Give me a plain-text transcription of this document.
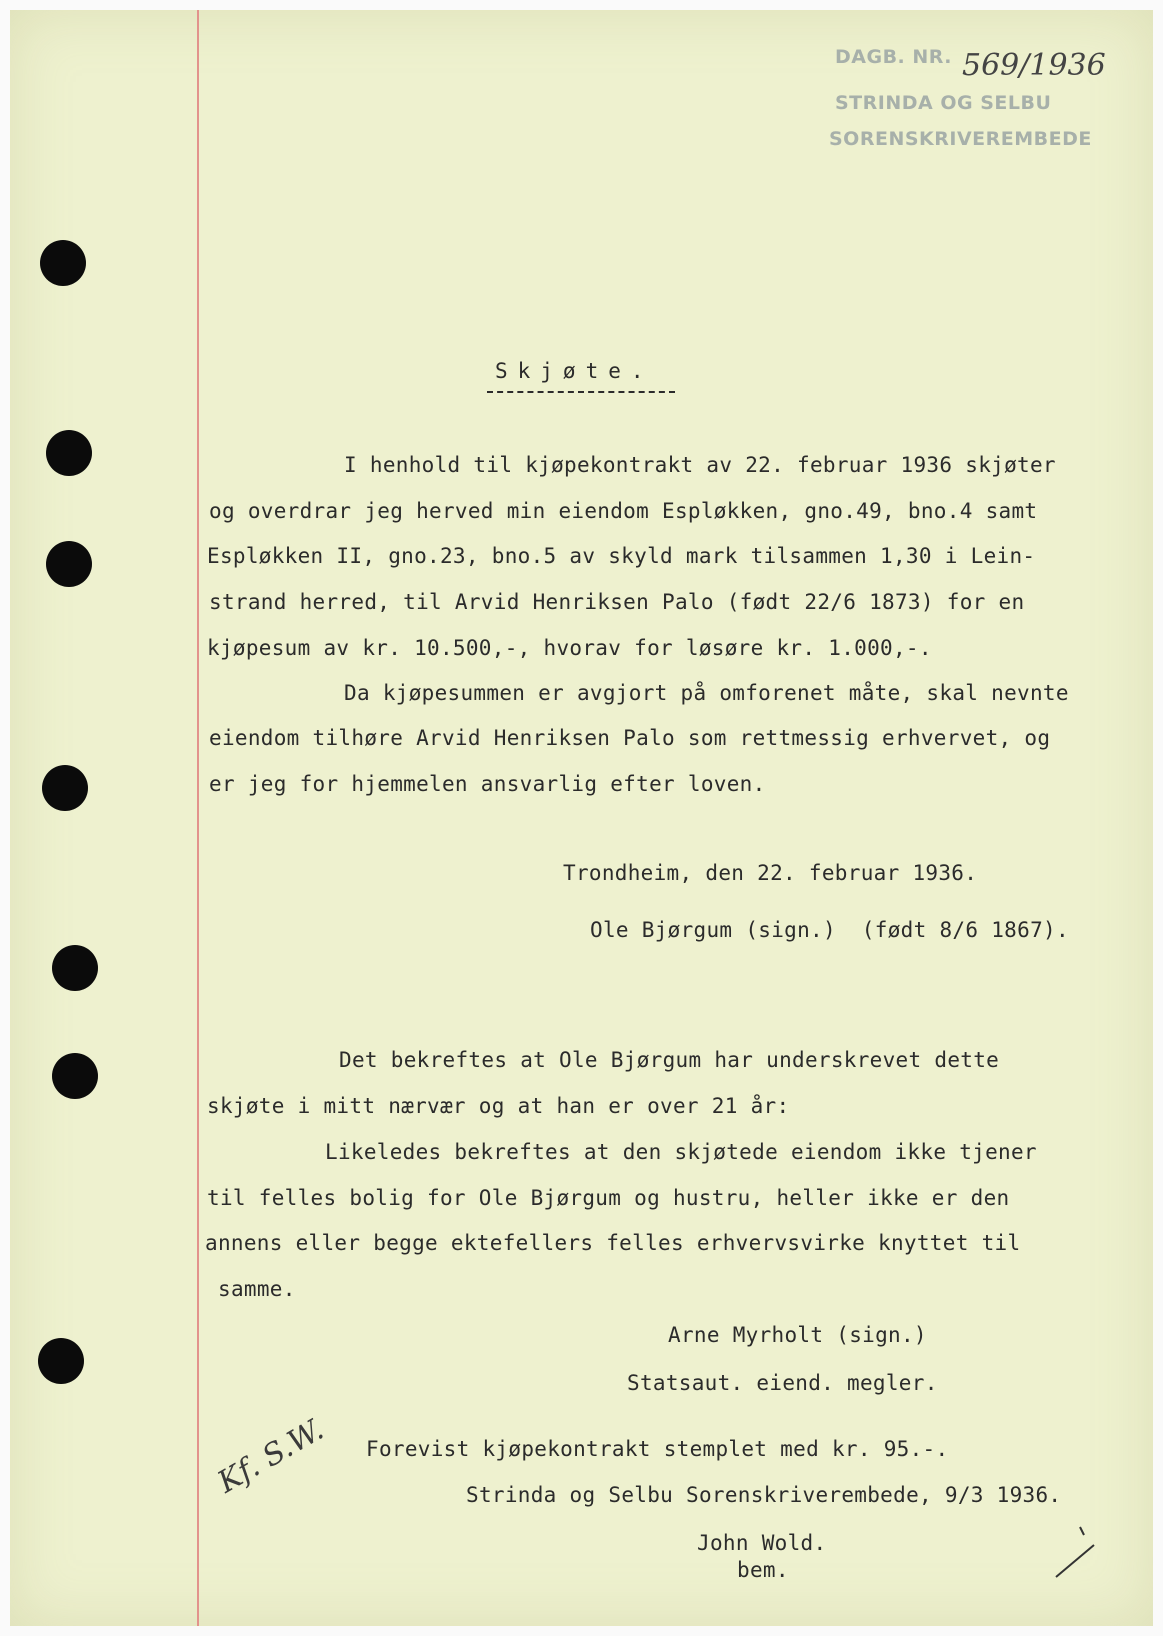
DAGB. NR. 569/1936
STRINDA OG SELBU
SORENSKRIVEREMBEDE
Skjøte.
I henhold til kjøpekontrakt av 22. februar 1936 skjøter
og overdrar jeg herved min eiendom Espløkken, gno.49, bno.4 samt
Espløkken II, gno.23, bno.5 av skyld mark tilsammen 1,30 i Lein-
strand herred, til Arvid Henriksen Palo (født 22/6 1873) for en
kjøpesum av kr. 10.500,-, hvorav for løsøre kr. 1.000,-.
Da kjøpesummen er avgjort på omforenet måte, skal nevnte
eiendom tilhøre Arvid Henriksen Palo som rettmessig erhvervet, og
er jeg for hjemmelen ansvarlig efter loven.
Trondheim, den 22. februar 1936.
Ole Bjørgum (sign.)  (født 8/6 1867).
Det bekreftes at Ole Bjørgum har underskrevet dette
skjøte i mitt nærvær og at han er over 21 år:
Likeledes bekreftes at den skjøtede eiendom ikke tjener
til felles bolig for Ole Bjørgum og hustru, heller ikke er den
annens eller begge ektefellers felles erhvervsvirke knyttet til
samme.
Arne Myrholt (sign.)
Statsaut. eiend. megler.
Kf. S.W. Forevist kjøpekontrakt stemplet med kr. 95.-.
Strinda og Selbu Sorenskriverembede, 9/3 1936.
John Wold.
bem.
